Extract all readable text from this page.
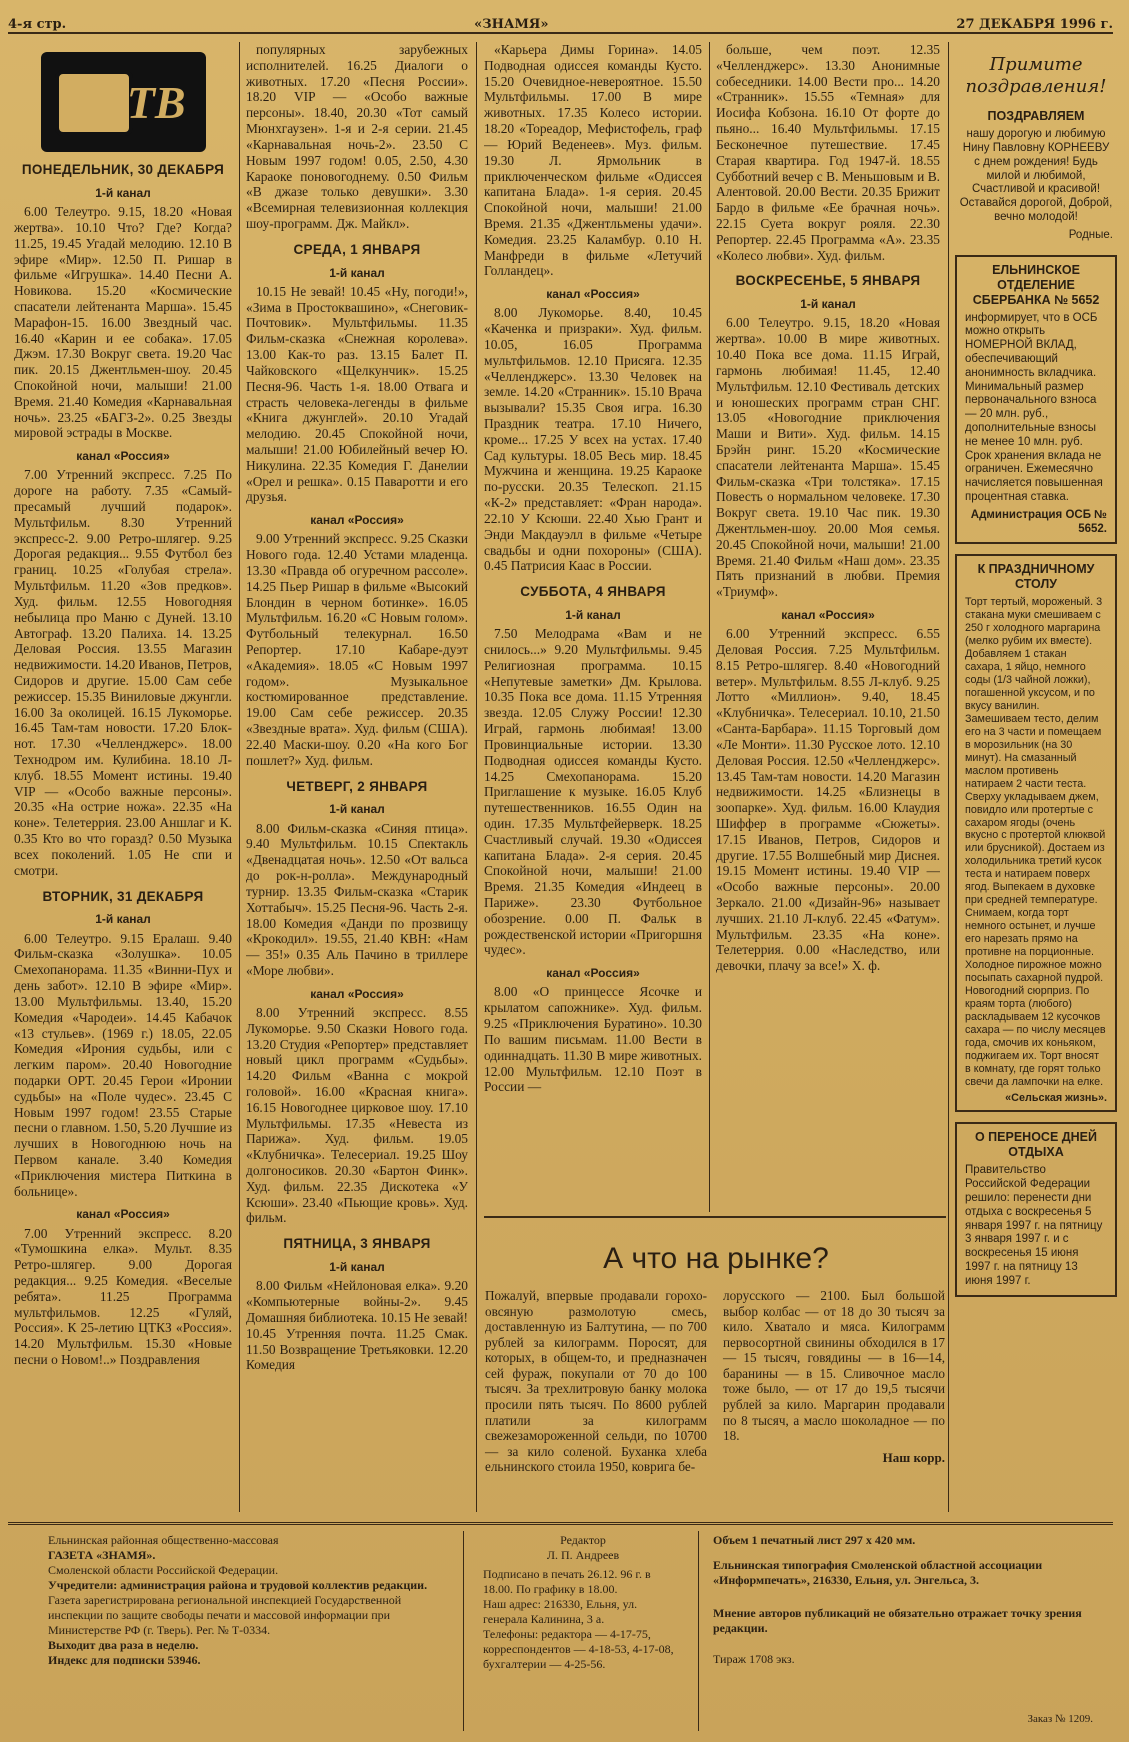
4-я стр.	«ЗНАМЯ»	27 ДЕКАБРЯ 1996 г.
ТВ
ПОНЕДЕЛЬНИК, 30 ДЕКАБРЯ
1-й канал
6.00 Телеутро. 9.15, 18.20 «Новая жертва». 10.10 Что? Где? Когда? 11.25, 19.45 Угадай мелодию. 12.10 В эфире «Мир». 12.50 П. Ришар в фильме «Игрушка». 14.40 Песни А. Новикова. 15.20 «Космические спасатели лейтенанта Марша». 15.45 Марафон-15. 16.00 Звездный час. 16.40 «Карин и ее собака». 17.05 Джэм. 17.30 Вокруг света. 19.20 Час пик. 20.15 Джентльмен-шоу. 20.45 Спокойной ночи, малыши! 21.00 Время. 21.40 Комедия «Карнавальная ночь». 23.25 «БАГЗ-2». 0.25 Звезды мировой эстрады в Москве.
канал «Россия»
7.00 Утренний экспресс. 7.25 По дороге на работу. 7.35 «Самый-пресамый лучший подарок». Мультфильм. 8.30 Утренний экспресс-2. 9.00 Ретро-шлягер. 9.25 Дорогая редакция... 9.55 Футбол без границ. 10.25 «Голубая стрела». Мультфильм. 11.20 «Зов предков». Худ. фильм. 12.55 Новогодняя небылица про Маню с Дуней. 13.10 Автограф. 13.20 Палиха. 14. 13.25 Деловая Россия. 13.55 Магазин недвижимости. 14.20 Иванов, Петров, Сидоров и другие. 15.00 Сам себе режиссер. 15.35 Виниловые джунгли. 16.00 За околицей. 16.15 Лукоморье. 16.45 Там-там новости. 17.20 Блок-нот. 17.30 «Челленджерс». 18.00 Технодром им. Кулибина. 18.10 Л-клуб. 18.55 Момент истины. 19.40 VIP — «Особо важные персоны». 20.35 «На острие ножа». 22.35 «На коне». Телетеррия. 23.00 Аншлаг и К. 0.35 Кто во что горазд? 0.50 Музыка всех поколений. 1.05 Не спи и смотри.
ВТОРНИК, 31 ДЕКАБРЯ
1-й канал
6.00 Телеутро. 9.15 Ералаш. 9.40 Фильм-сказка «Золушка». 10.05 Смехопанорама. 11.35 «Винни-Пух и день забот». 12.10 В эфире «Мир». 13.00 Мультфильмы. 13.40, 15.20 Комедия «Чародеи». 14.45 Кабачок «13 стульев». (1969 г.) 18.05, 22.05 Комедия «Ирония судьбы, или с легким паром». 20.40 Новогодние подарки ОРТ. 20.45 Герои «Иронии судьбы» на «Поле чудес». 23.45 С Новым 1997 годом! 23.55 Старые песни о главном. 1.50, 5.20 Лучшие из лучших в Новогоднюю ночь на Первом канале. 3.40 Комедия «Приключения мистера Питкина в больнице».
канал «Россия»
7.00 Утренний экспресс. 8.20 «Тумошкина елка». Мульт. 8.35 Ретро-шлягер. 9.00 Дорогая редакция... 9.25 Комедия. «Веселые ребята». 11.25 Программа мультфильмов. 12.25 «Гуляй, Россия». К 25-летию ЦТКЗ «Россия». 14.20 Мультфильм. 15.30 «Новые песни о Новом!..» Поздравления
популярных зарубежных исполнителей. 16.25 Диалоги о животных. 17.20 «Песня России». 18.20 VIP — «Особо важные персоны». 18.40, 20.30 «Тот самый Мюнхгаузен». 1-я и 2-я серии. 21.45 «Карнавальная ночь-2». 23.50 С Новым 1997 годом! 0.05, 2.50, 4.30 Караоке поновогоднему. 0.50 Фильм «В джазе только девушки». 3.30 «Всемирная телевизионная коллекция шоу-программ. Дж. Майкл».
СРЕДА, 1 ЯНВАРЯ
1-й канал
10.15 Не зевай! 10.45 «Ну, погоди!», «Зима в Простоквашино», «Снеговик-Почтовик». Мультфильмы. 11.35 Фильм-сказка «Снежная королева». 13.00 Как-то раз. 13.15 Балет П. Чайковского «Щелкунчик». 15.25 Песня-96. Часть 1-я. 18.00 Отвага и страсть человека-легенды в фильме «Книга джунглей». 20.10 Угадай мелодию. 20.45 Спокойной ночи, малыши! 21.00 Юбилейный вечер Ю. Никулина. 22.35 Комедия Г. Данелии «Орел и решка». 0.15 Паваротти и его друзья.
канал «Россия»
9.00 Утренний экспресс. 9.25 Сказки Нового года. 12.40 Устами младенца. 13.30 «Правда об огуречном рассоле». 14.25 Пьер Ришар в фильме «Высокий Блондин в черном ботинке». 16.05 Мультфильм. 16.20 «С Новым голом». Футбольный телекурнал. 16.50 Репортер. 17.10 Кабаре-дуэт «Академия». 18.05 «С Новым 1997 годом». Музыкальное костюмированное представление. 19.00 Сам себе режиссер. 20.35 «Звездные врата». Худ. фильм (США). 22.40 Маски-шоу. 0.20 «На кого Бог пошлет?» Худ. фильм.
ЧЕТВЕРГ, 2 ЯНВАРЯ
1-й канал
8.00 Фильм-сказка «Синяя птица». 9.40 Мультфильм. 10.15 Спектакль «Двенадцатая ночь». 12.50 «От вальса до рок-н-ролла». Международный турнир. 13.35 Фильм-сказка «Старик Хоттабыч». 15.25 Песня-96. Часть 2-я. 18.00 Комедия «Данди по прозвищу «Крокодил». 19.55, 21.40 КВН: «Нам — 35!» 0.35 Аль Пачино в триллере «Море любви».
канал «Россия»
8.00 Утренний экспресс. 8.55 Лукоморье. 9.50 Сказки Нового года. 13.20 Студия «Репортер» представляет новый цикл программ «Судьбы». 14.20 Фильм «Ванна с мокрой головой». 16.00 «Красная книга». 16.15 Новогоднее цирковое шоу. 17.10 Мультфильмы. 17.35 «Невеста из Парижа». Худ. фильм. 19.05 «Клубничка». Телесериал. 19.25 Шоу долгоносиков. 20.30 «Бартон Финк». Худ. фильм. 22.35 Дискотека «У Ксюши». 23.40 «Пьющие кровь». Худ. фильм.
ПЯТНИЦА, 3 ЯНВАРЯ
1-й канал
8.00 Фильм «Нейлоновая елка». 9.20 «Компьютерные войны-2». 9.45 Домашняя библиотека. 10.15 Не зевай! 10.45 Утренняя почта. 11.25 Смак. 11.50 Возвращение Третьяковки. 12.20 Комедия
«Карьера Димы Горина». 14.05 Подводная одиссея команды Кусто. 15.20 Очевидное-невероятное. 15.50 Мультфильмы. 17.00 В мире животных. 17.35 Колесо истории. 18.20 «Тореадор, Мефистофель, граф — Юрий Веденеев». Муз. фильм. 19.30 Л. Ярмольник в приключенческом фильме «Одиссея капитана Блада». 1-я серия. 20.45 Спокойной ночи, малыши! 21.00 Время. 21.35 «Джентльмены удачи». Комедия. 23.25 Каламбур. 0.10 Н. Манфреди в фильме «Летучий Голландец».
канал «Россия»
8.00 Лукоморье. 8.40, 10.45 «Каченка и призраки». Худ. фильм. 10.05, 16.05 Программа мультфильмов. 12.10 Присяга. 12.35 «Челленджерс». 13.30 Человек на земле. 14.20 «Странник». 15.10 Врача вызывали? 15.35 Своя игра. 16.30 Праздник театра. 17.10 Ничего, кроме... 17.25 У всех на устах. 17.40 Сад культуры. 18.05 Весь мир. 18.45 Мужчина и женщина. 19.25 Караоке по-русски. 20.35 Телескоп. 21.15 «К-2» представляет: «Фран народа». 22.10 У Ксюши. 22.40 Хью Грант и Энди Макдауэлл в фильме «Четыре свадьбы и одни похороны» (США). 0.45 Патрисия Каас в России.
СУББОТА, 4 ЯНВАРЯ
1-й канал
7.50 Мелодрама «Вам и не снилось...» 9.20 Мультфильмы. 9.45 Религиозная программа. 10.15 «Непутевые заметки» Дм. Крылова. 10.35 Пока все дома. 11.15 Утренняя звезда. 12.05 Служу России! 12.30 Играй, гармонь любимая! 13.00 Провинциальные истории. 13.30 Подводная одиссея команды Кусто. 14.25 Смехопанорама. 15.20 Приглашение к музыке. 16.05 Клуб путешественников. 16.55 Один на один. 17.35 Мультфейерверк. 18.25 Счастливый случай. 19.30 «Одиссея капитана Блада». 2-я серия. 20.45 Спокойной ночи, малыши! 21.00 Время. 21.35 Комедия «Индеец в Париже». 23.30 Футбольное обозрение. 0.00 П. Фальк в рождественской истории «Пригоршня чудес».
канал «Россия»
8.00 «О принцессе Ясочке и крылатом сапожнике». Худ. фильм. 9.25 «Приключения Буратино». 10.30 По вашим письмам. 11.00 Вести в одиннадцать. 11.30 В мире животных. 12.00 Мультфильм. 12.10 Поэт в России —
больше, чем поэт. 12.35 «Челленджерс». 13.30 Анонимные собеседники. 14.00 Вести про... 14.20 «Странник». 15.55 «Темная» для Иосифа Кобзона. 16.10 От форте до пьяно... 16.40 Мультфильмы. 17.15 Бесконечное путешествие. 17.45 Старая квартира. Год 1947-й. 18.55 Субботний вечер с В. Меньшовым и В. Алентовой. 20.00 Вести. 20.35 Брижит Бардо в фильме «Ее брачная ночь». 22.15 Суета вокруг рояля. 22.30 Репортер. 22.45 Программа «А». 23.35 «Колесо любви». Худ. фильм.
ВОСКРЕСЕНЬЕ, 5 ЯНВАРЯ
1-й канал
6.00 Телеутро. 9.15, 18.20 «Новая жертва». 10.00 В мире животных. 10.40 Пока все дома. 11.15 Играй, гармонь любимая! 11.45, 12.40 Мультфильм. 12.10 Фестиваль детских и юношеских программ стран СНГ. 13.05 «Новогодние приключения Маши и Вити». Худ. фильм. 14.15 Брэйн ринг. 15.20 «Космические спасатели лейтенанта Марша». 15.45 Фильм-сказка «Три толстяка». 17.15 Повесть о нормальном человеке. 17.30 Вокруг света. 19.10 Час пик. 19.30 Джентльмен-шоу. 20.00 Моя семья. 20.45 Спокойной ночи, малыши! 21.00 Время. 21.40 Фильм «Наш дом». 23.35 Пять признаний в любви. Премия «Триумф».
канал «Россия»
6.00 Утренний экспресс. 6.55 Деловая Россия. 7.25 Мультфильм. 8.15 Ретро-шлягер. 8.40 «Новогодний ветер». Мультфильм. 8.55 Л-клуб. 9.25 Лотто «Миллион». 9.40, 18.45 «Клубничка». Телесериал. 10.10, 21.50 «Санта-Барбара». 11.15 Торговый дом «Ле Монти». 11.30 Русское лото. 12.10 Деловая Россия. 12.50 «Челленджерс». 13.45 Там-там новости. 14.20 Магазин недвижимости. 14.25 «Близнецы в зоопарке». Худ. фильм. 16.00 Клаудия Шиффер в программе «Сюжеты». 17.15 Иванов, Петров, Сидоров и другие. 17.55 Волшебный мир Диснея. 19.15 Момент истины. 19.40 VIP — «Особо важные персоны». 20.00 Зеркало. 21.00 «Дизайн-96» называет лучших. 21.10 Л-клуб. 22.45 «Фатум». Мультфильм. 23.35 «На коне». Телетеррия. 0.00 «Наследство, или девочки, плачу за все!» Х. ф.
А что на рынке?
Пожалуй, впервые продавали горохо-овсяную размолотую смесь, доставленную из Балтутина, — по 700 рублей за килограмм. Поросят, для которых, в общем-то, и предназначен сей фураж, покупали от 70 до 100 тысяч. За трехлитровую банку молока просили пять тысяч. По 8600 рублей платили за килограмм свежезамороженной сельди, по 10700 — за кило соленой. Буханка хлеба ельнинского стоила 1950, коврига бе-
лорусского — 2100. Был большой выбор колбас — от 18 до 30 тысяч за кило. Хватало и мяса. Килограмм первосортной свинины обходился в 17 — 15 тысяч, говядины — в 16—14, баранины — в 15. Сливочное масло тоже было, — от 17 до 19,5 тысячи рублей за кило. Маргарин продавали по 8 тысяч, а масло шоколадное — по 18.
Наш корр.
Примите поздравления!
ПОЗДРАВЛЯЕМ
нашу дорогую и любимую Нину Павловну КОРНЕЕВУ с днем рождения! Будь милой и любимой, Счастливой и красивой! Оставайся дорогой, Доброй, вечно молодой!
Родные.
ЕЛЬНИНСКОЕ ОТДЕЛЕНИЕ СБЕРБАНКА № 5652
информирует, что в ОСБ можно открыть НОМЕРНОЙ ВКЛАД, обеспечивающий анонимность вкладчика. Минимальный размер первоначального взноса — 20 млн. руб., дополнительные взносы не менее 10 млн. руб. Срок хранения вклада не ограничен. Ежемесячно начисляется повышенная процентная ставка.
Администрация ОСБ № 5652.
К ПРАЗДНИЧНОМУ СТОЛУ
Торт тертый, мороженый. 3 стакана муки смешиваем с 250 г холодного маргарина (мелко рубим их вместе). Добавляем 1 стакан сахара, 1 яйцо, немного соды (1/3 чайной ложки), погашенной уксусом, и по вкусу ванилин. Замешиваем тесто, делим его на 3 части и помещаем в морозильник (на 30 минут). На смазанный маслом противень натираем 2 части теста. Сверху укладываем джем, повидло или протертые с сахаром ягоды (очень вкусно с протертой клюквой или брусникой). Достаем из холодильника третий кусок теста и натираем поверх ягод. Выпекаем в духовке при средней температуре. Снимаем, когда торт немного остынет, и лучше его нарезать прямо на противне на порционные. Холодное пирожное можно посыпать сахарной пудрой. Новогодний сюрприз. По краям торта (любого) раскладываем 12 кусочков сахара — по числу месяцев года, смочив их коньяком, поджигаем их. Торт вносят в комнату, где горят только свечи да лампочки на елке.
«Сельская жизнь».
О ПЕРЕНОСЕ ДНЕЙ ОТДЫХА
Правительство Российской Федерации решило: перенести дни отдыха с воскресенья 5 января 1997 г. на пятницу 3 января 1997 г. и с воскресенья 15 июня 1997 г. на пятницу 13 июня 1997 г.
Ельнинская районная общественно-массовая
ГАЗЕТА «ЗНАМЯ».
Смоленской области Российской Федерации.
Учредители: администрация района и трудовой коллектив редакции.
Газета зарегистрирована региональной инспекцией Государственной инспекции по защите свободы печати и массовой информации при Министерстве РФ (г. Тверь). Рег. № Т-0334.
Выходит два раза в неделю.
Индекс для подписки 53946.
Редактор
Л. П. Андреев
Подписано в печать 26.12. 96 г. в 18.00. По графику в 18.00.
Наш адрес: 216330, Ельня, ул. генерала Калинина, 3 а.
Телефоны: редактора — 4-17-75, корреспондентов — 4-18-53, 4-17-08, бухгалтерии — 4-25-56.
Объем 1 печатный лист 297 x 420 мм.
Ельнинская типография Смоленской областной ассоциации «Информпечать», 216330, Ельня, ул. Энгельса, 3.
Мнение авторов публикаций не обязательно отражает точку зрения редакции.
Тираж 1708 экз.
Заказ № 1209.
